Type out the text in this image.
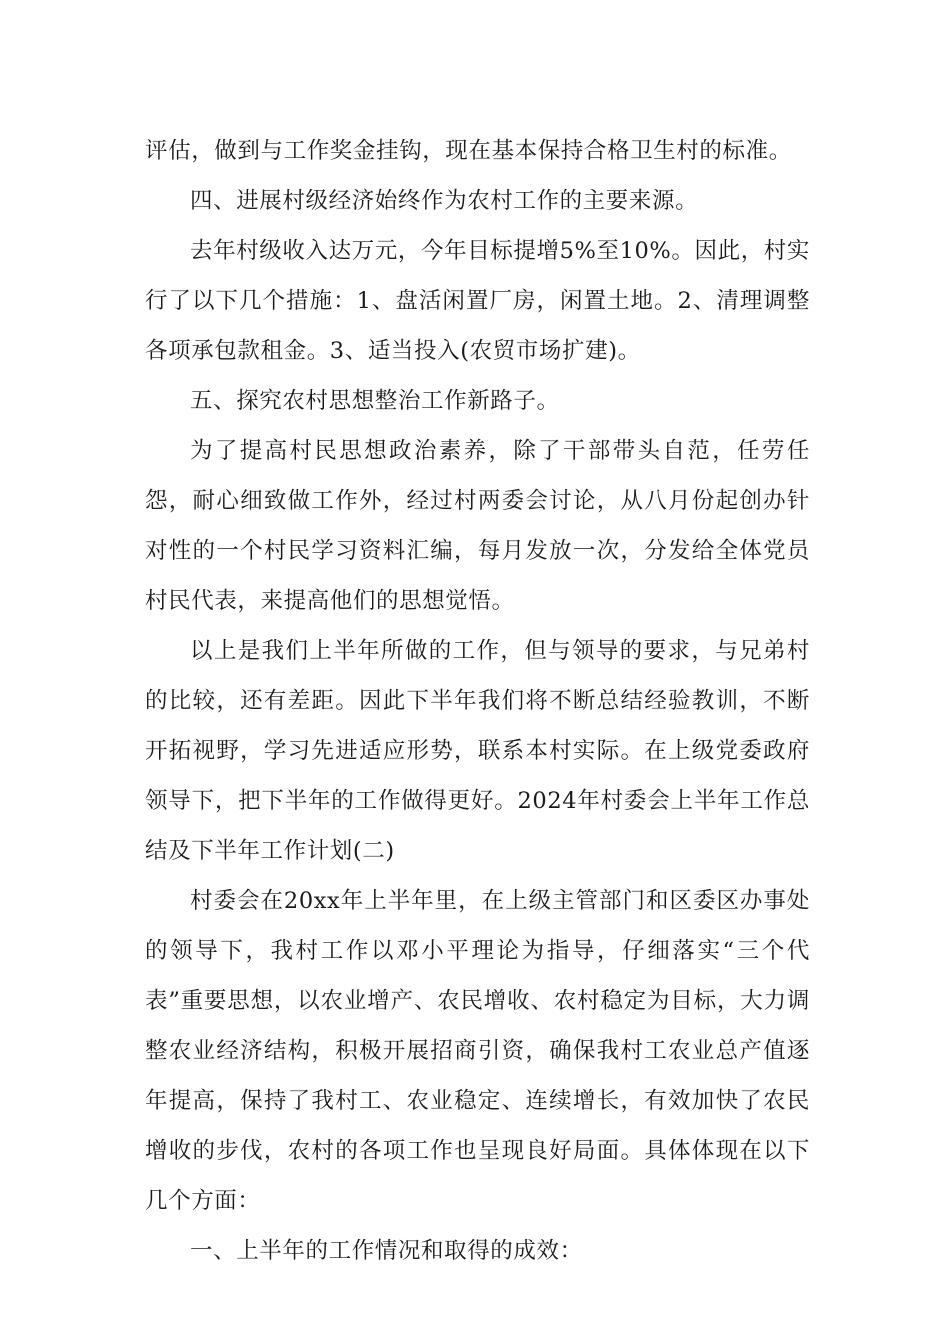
评估，做到与工作奖金挂钩，现在基本保持合格卫生村的标准。

四、进展村级经济始终作为农村工作的主要来源。

去年村级收入达万元，今年目标提增5%至10%。因此，村实行了以下几个措施：1、盘活闲置厂房，闲置土地。2、清理调整各项承包款租金。3、适当投入(农贸市场扩建)。

五、探究农村思想整治工作新路子。

为了提高村民思想政治素养，除了干部带头自范，任劳任怨，耐心细致做工作外，经过村两委会讨论，从八月份起创办针对性的一个村民学习资料汇编，每月发放一次，分发给全体党员村民代表，来提高他们的思想觉悟。

以上是我们上半年所做的工作，但与领导的要求，与兄弟村的比较，还有差距。因此下半年我们将不断总结经验教训，不断开拓视野，学习先进适应形势，联系本村实际。在上级党委政府领导下，把下半年的工作做得更好。2024年村委会上半年工作总结及下半年工作计划(二)

村委会在20xx年上半年里，在上级主管部门和区委区办事处的领导下，我村工作以邓小平理论为指导，仔细落实“三个代表”重要思想，以农业增产、农民增收、农村稳定为目标，大力调整农业经济结构，积极开展招商引资，确保我村工农业总产值逐年提高，保持了我村工、农业稳定、连续增长，有效加快了农民增收的步伐，农村的各项工作也呈现良好局面。具体体现在以下几个方面：

一、上半年的工作情况和取得的成效：
